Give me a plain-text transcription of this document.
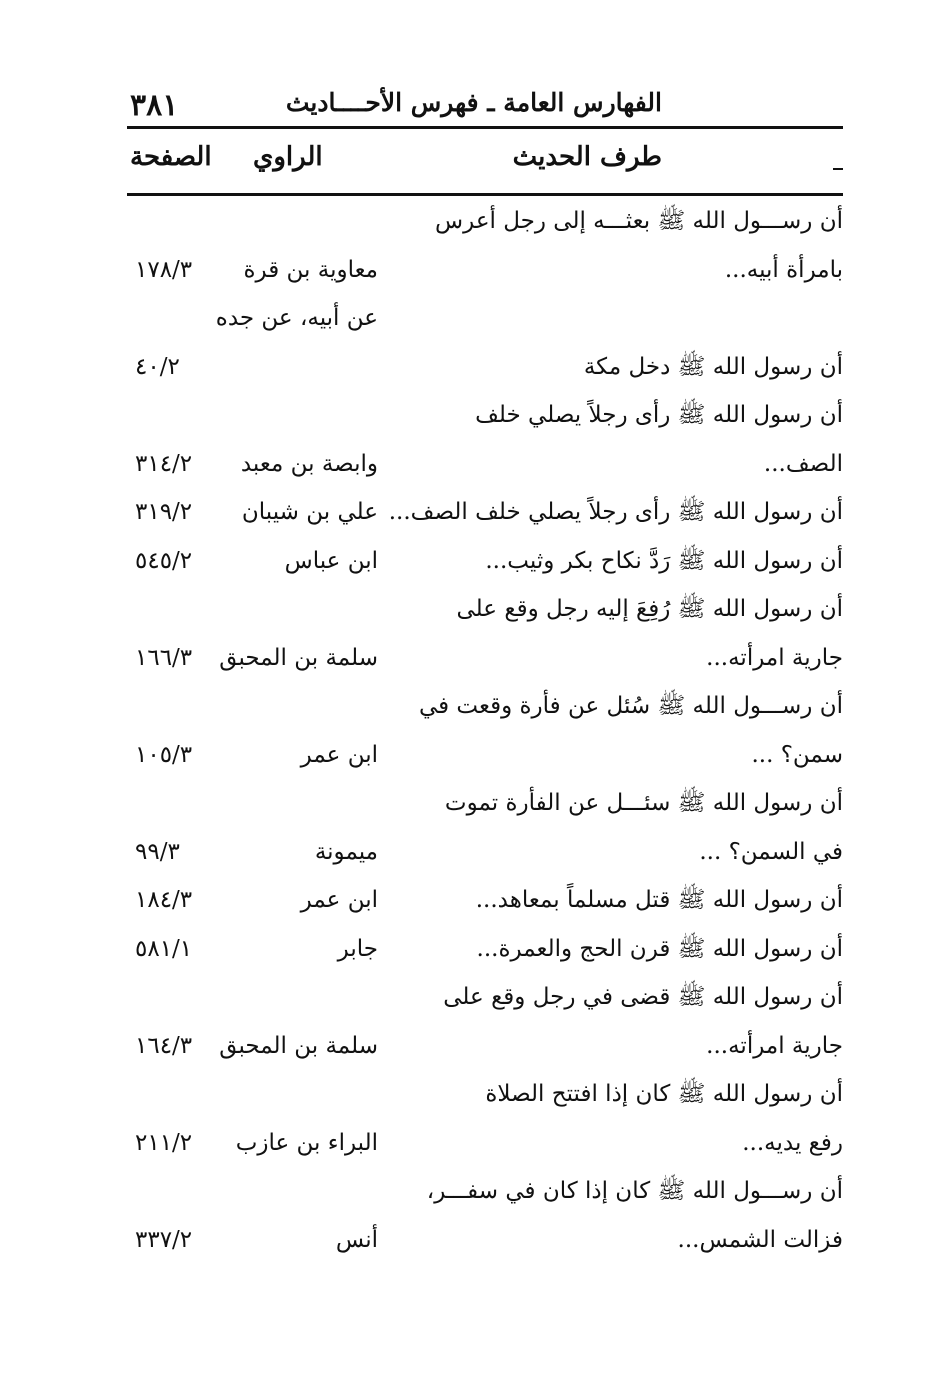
٣٨١	الفهارس العامة ـ فهرس الأحــــاديث
طرف الحديث
الراوي
الصفحة
أن رســـول الله ﷺ بعثـــه إلى رجل أعرس
بامرأة أبيه...
معاوية بن قرة
١٧٨/٣
عن أبيه، عن جده
أن رسول الله ﷺ دخل مكة
٤٠/٢
أن رسول الله ﷺ رأى رجلاً يصلي خلف
الصف...
وابصة بن معبد
٣١٤/٢
أن رسول الله ﷺ رأى رجلاً يصلي خلف الصف...
علي بن شيبان
٣١٩/٢
أن رسول الله ﷺ رَدَّ نكاح بكر وثيب...
ابن عباس
٥٤٥/٢
أن رسول الله ﷺ رُفِعَ إليه رجل وقع على
جارية امرأته...
سلمة بن المحبق
١٦٦/٣
أن رســـول الله ﷺ سُئل عن فأرة وقعت في
سمن؟ ...
ابن عمر
١٠٥/٣
أن رسول الله ﷺ سئـــل عن الفأرة تموت
في السمن؟ ...
ميمونة
٩٩/٣
أن رسول الله ﷺ قتل مسلماً بمعاهد...
ابن عمر
١٨٤/٣
أن رسول الله ﷺ قرن الحج والعمرة...
جابر
٥٨١/١
أن رسول الله ﷺ قضى في رجل وقع على
جارية امرأته...
سلمة بن المحبق
١٦٤/٣
أن رسول الله ﷺ كان إذا افتتح الصلاة
رفع يديه...
البراء بن عازب
٢١١/٢
أن رســـول الله ﷺ كان إذا كان في سفـــر،
فزالت الشمس...
أنس
٣٣٧/٢
